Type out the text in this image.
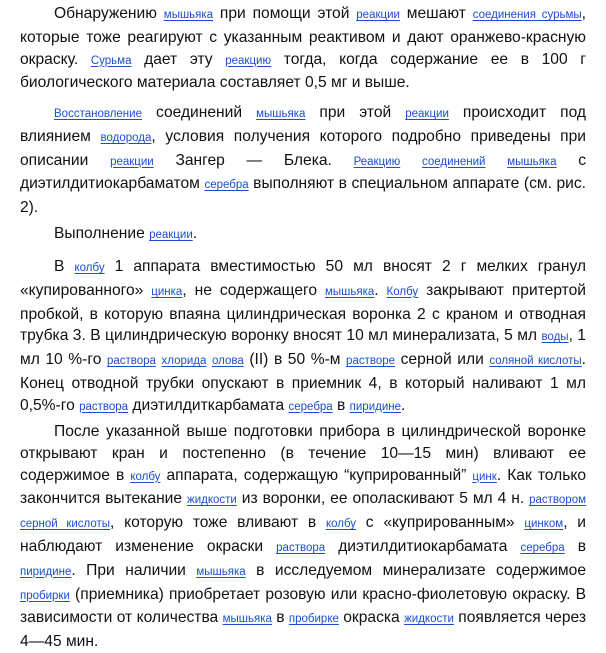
Обнаружению мышьяка при помощи этой реакции мешают соединения сурьмы, которые тоже реагируют с указанным реактивом и дают оранжево-красную окраску. Сурьма дает эту реакцию тогда, когда содержание ее в 100 г биологического материала составляет 0,5 мг и выше.

Восстановление соединений мышьяка при этой реакции происходит под влиянием водорода, условия получения которого подробно приведены при описании реакции Зангер — Блека. Реакцию соединений мышьяка с диэтилдитиокарбаматом серебра выполняют в специальном аппарате (см. рис. 2).

Выполнение реакции.

В колбу 1 аппарата вместимостью 50 мл вносят 2 г мелких гранул «купированного» цинка, не содержащего мышьяка. Колбу закрывают притертой пробкой, в которую впаяна цилиндрическая воронка 2 с краном и отводная трубка 3. В цилиндрическую воронку вносят 10 мл минерализата, 5 мл воды, 1 мл 10 %-го раствора хлорида олова (II) в 50 %-м растворе серной или соляной кислоты. Конец отводной трубки опускают в приемник 4, в который наливают 1 мл 0,5%-го раствора диэтилдиткарбамата серебра в пиридине.

После указанной выше подготовки прибора в цилиндрической воронке открывают кран и постепенно (в течение 10—15 мин) вливают ее содержимое в колбу аппарата, содержащую “купрированный” цинк. Как только закончится вытекание жидкости из воронки, ее ополаскивают 5 мл 4 н. раствором серной кислоты, которую тоже вливают в колбу с «купрированным» цинком, и наблюдают изменение окраски раствора диэтилдитиокарбамата серебра в пиридине. При наличии мышьяка в исследуемом минерализате содержимое пробирки (приемника) приобретает розовую или красно-фиолетовую окраску. В зависимости от количества мышьяка в пробирке окраска жидкости появляется через 4—45 мин.
